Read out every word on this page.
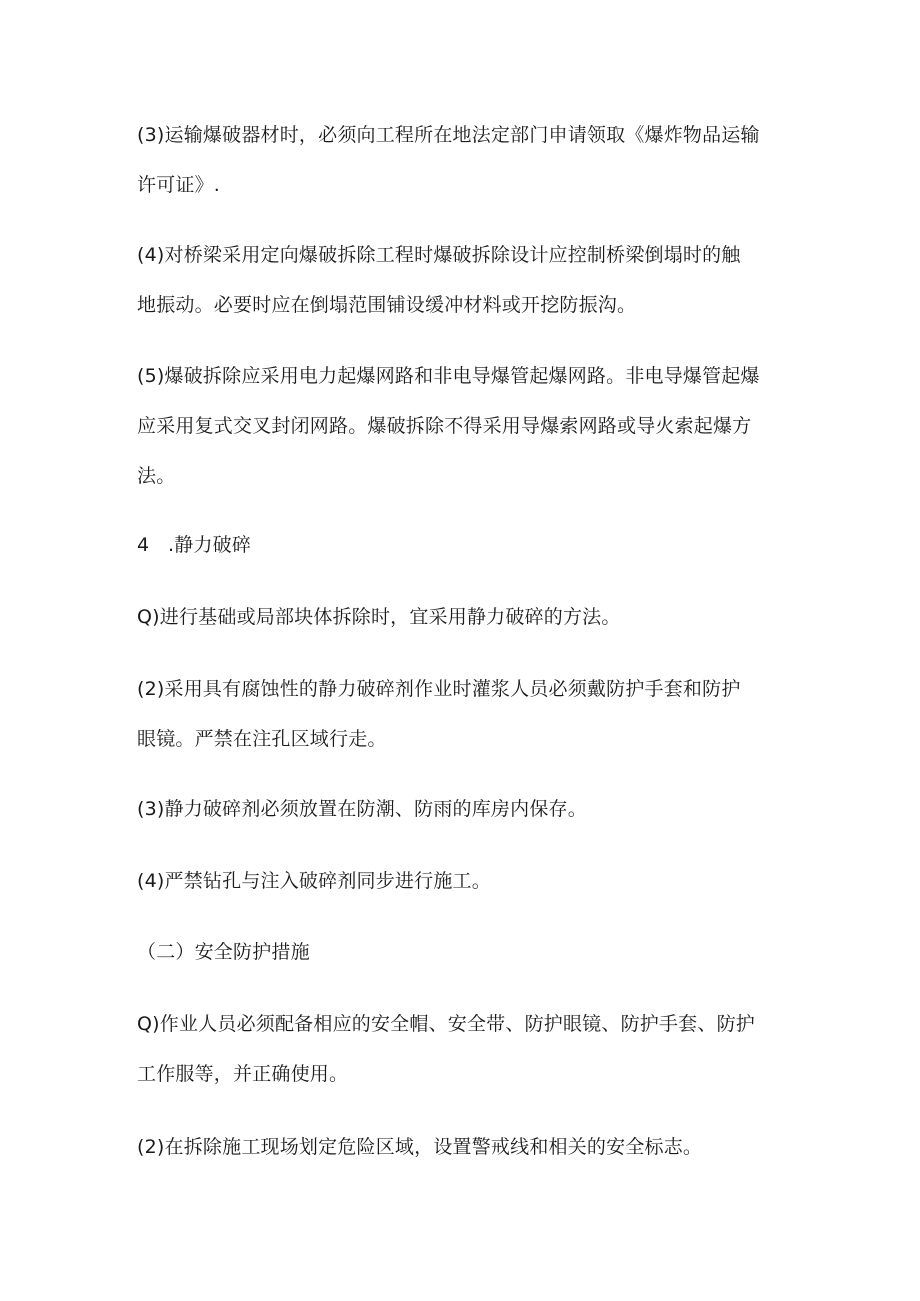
(3)运输爆破器材时，必须向工程所在地法定部门申请领取《爆炸物品运输
许可证》.

(4)对桥梁采用定向爆破拆除工程时爆破拆除设计应控制桥梁倒塌时的触
地振动。必要时应在倒塌范围铺设缓冲材料或开挖防振沟。

(5)爆破拆除应采用电力起爆网路和非电导爆管起爆网路。非电导爆管起爆
应采用复式交叉封闭网路。爆破拆除不得采用导爆索网路或导火索起爆方
法。

4   .静力破碎

Q)进行基础或局部块体拆除时，宜采用静力破碎的方法。

(2)采用具有腐蚀性的静力破碎剂作业时灌浆人员必须戴防护手套和防护
眼镜。严禁在注孔区域行走。

(3)静力破碎剂必须放置在防潮、防雨的库房内保存。

(4)严禁钻孔与注入破碎剂同步进行施工。

（二）安全防护措施

Q)作业人员必须配备相应的安全帽、安全带、防护眼镜、防护手套、防护
工作服等，并正确使用。

(2)在拆除施工现场划定危险区域，设置警戒线和相关的安全标志。
